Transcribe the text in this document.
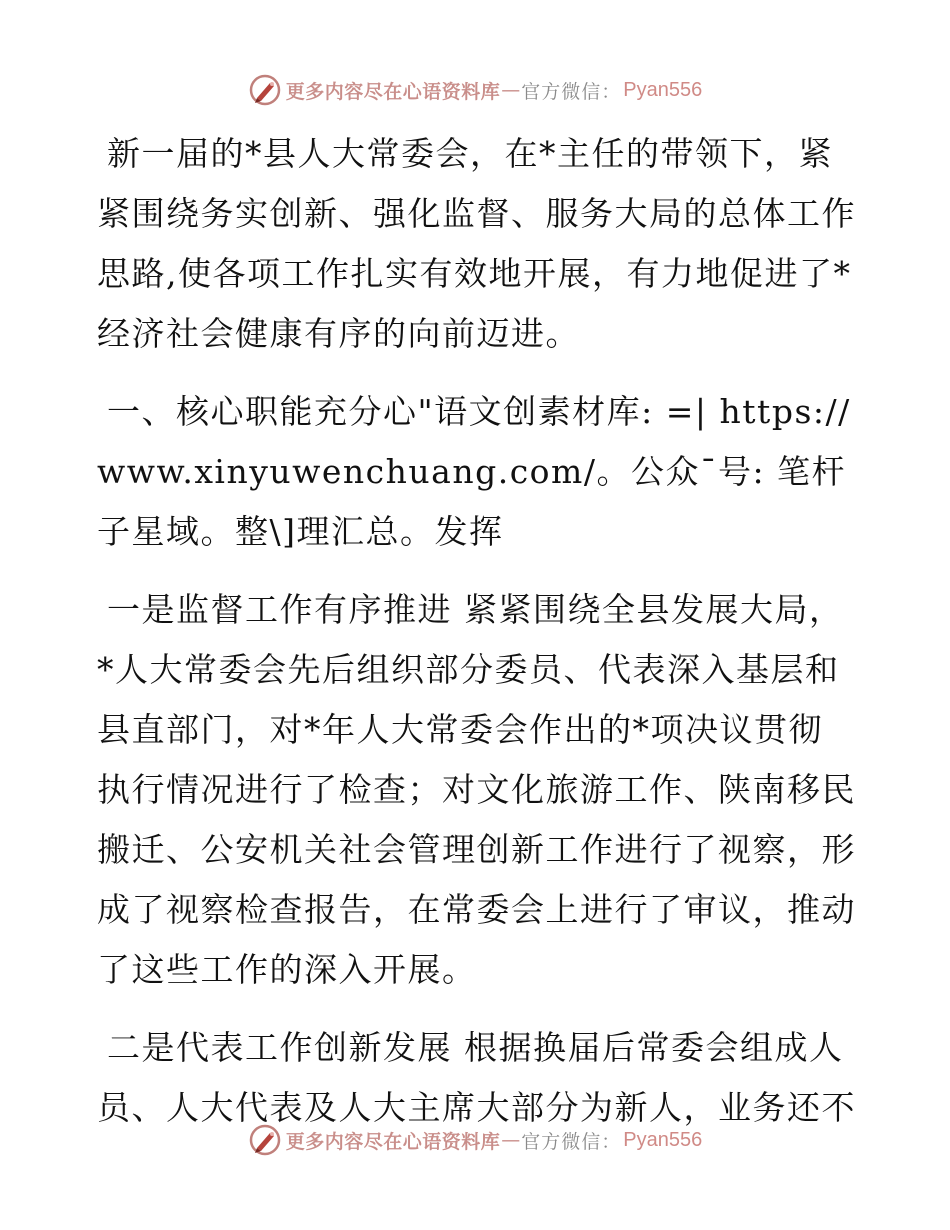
更多内容尽在心语资料库 — 官方微信： Pyan556

新一届的*县人大常委会，在*主任的带领下，紧紧围绕务实创新、强化监督、服务大局的总体工作思路,使各项工作扎实有效地开展，有力地促进了*经济社会健康有序的向前迈进。

一、核心职能充分心"语文创素材库: =| https://www.xinyuwenchuang.com/。公众¯号: 笔杆子星域。整\]理汇总。发挥

一是监督工作有序推进 紧紧围绕全县发展大局，*人大常委会先后组织部分委员、代表深入基层和县直部门，对*年人大常委会作出的*项决议贯彻执行情况进行了检查；对文化旅游工作、陕南移民搬迁、公安机关社会管理创新工作进行了视察，形成了视察检查报告，在常委会上进行了审议，推动了这些工作的深入开展。

二是代表工作创新发展 根据换届后常委会组成人员、人大代表及人大主席大部分为新人，业务还不

更多内容尽在心语资料库 — 官方微信： Pyan556
